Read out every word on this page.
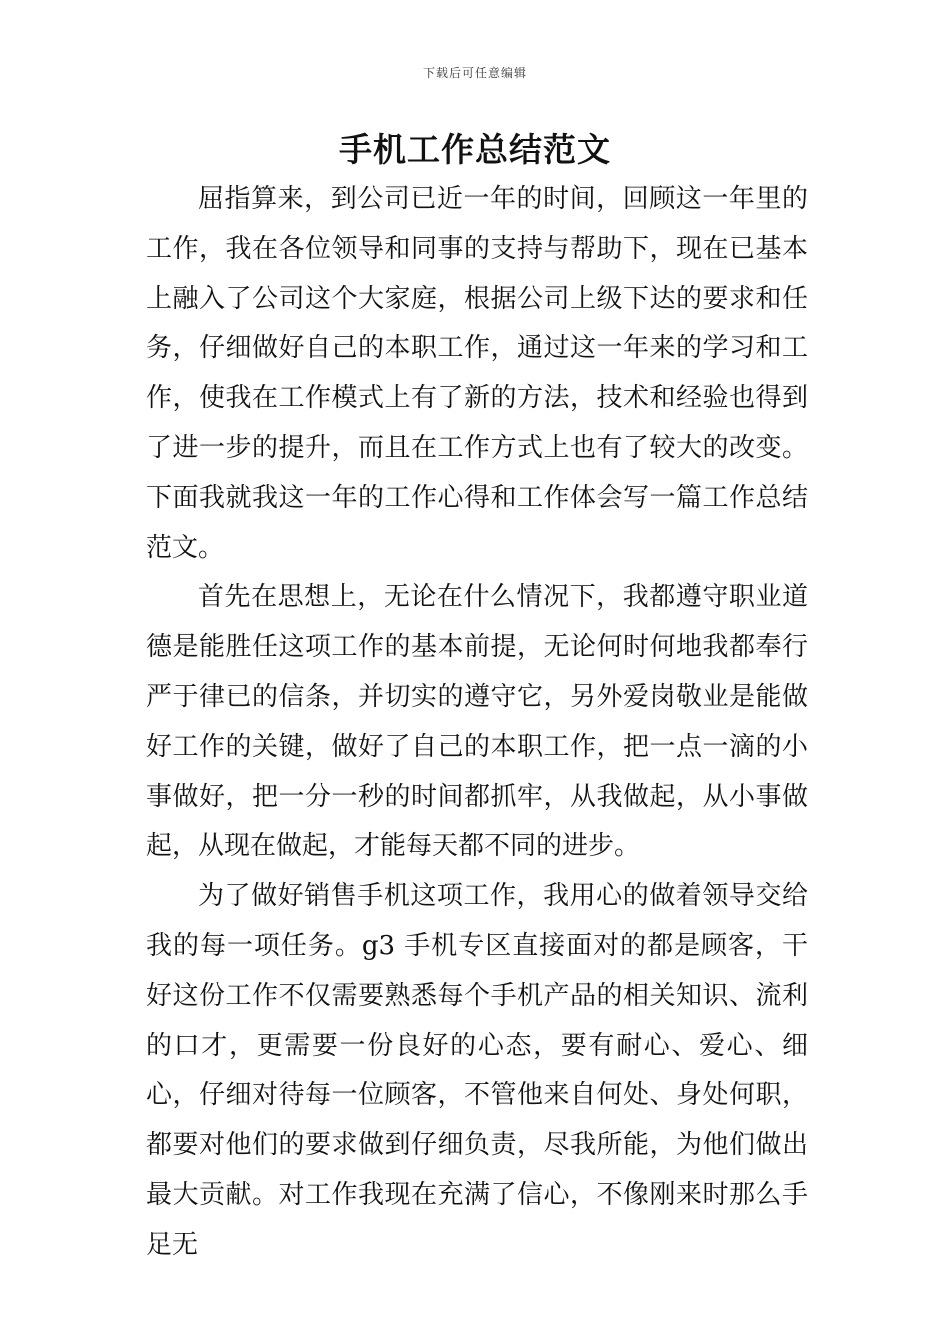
下载后可任意编辑
手机工作总结范文

屈指算来，到公司已近一年的时间，回顾这一年里的工作，我在各位领导和同事的支持与帮助下，现在已基本上融入了公司这个大家庭，根据公司上级下达的要求和任务，仔细做好自己的本职工作，通过这一年来的学习和工作，使我在工作模式上有了新的方法，技术和经验也得到了进一步的提升，而且在工作方式上也有了较大的改变。下面我就我这一年的工作心得和工作体会写一篇工作总结范文。

首先在思想上，无论在什么情况下，我都遵守职业道德是能胜任这项工作的基本前提，无论何时何地我都奉行严于律已的信条，并切实的遵守它，另外爱岗敬业是能做好工作的关键，做好了自己的本职工作，把一点一滴的小事做好，把一分一秒的时间都抓牢，从我做起，从小事做起，从现在做起，才能每天都不同的进步。

为了做好销售手机这项工作，我用心的做着领导交给我的每一项任务。g3 手机专区直接面对的都是顾客，干好这份工作不仅需要熟悉每个手机产品的相关知识、流利的口才，更需要一份良好的心态，要有耐心、爱心、细心，仔细对待每一位顾客，不管他来自何处、身处何职，都要对他们的要求做到仔细负责，尽我所能，为他们做出最大贡献。对工作我现在充满了信心，不像刚来时那么手足无
